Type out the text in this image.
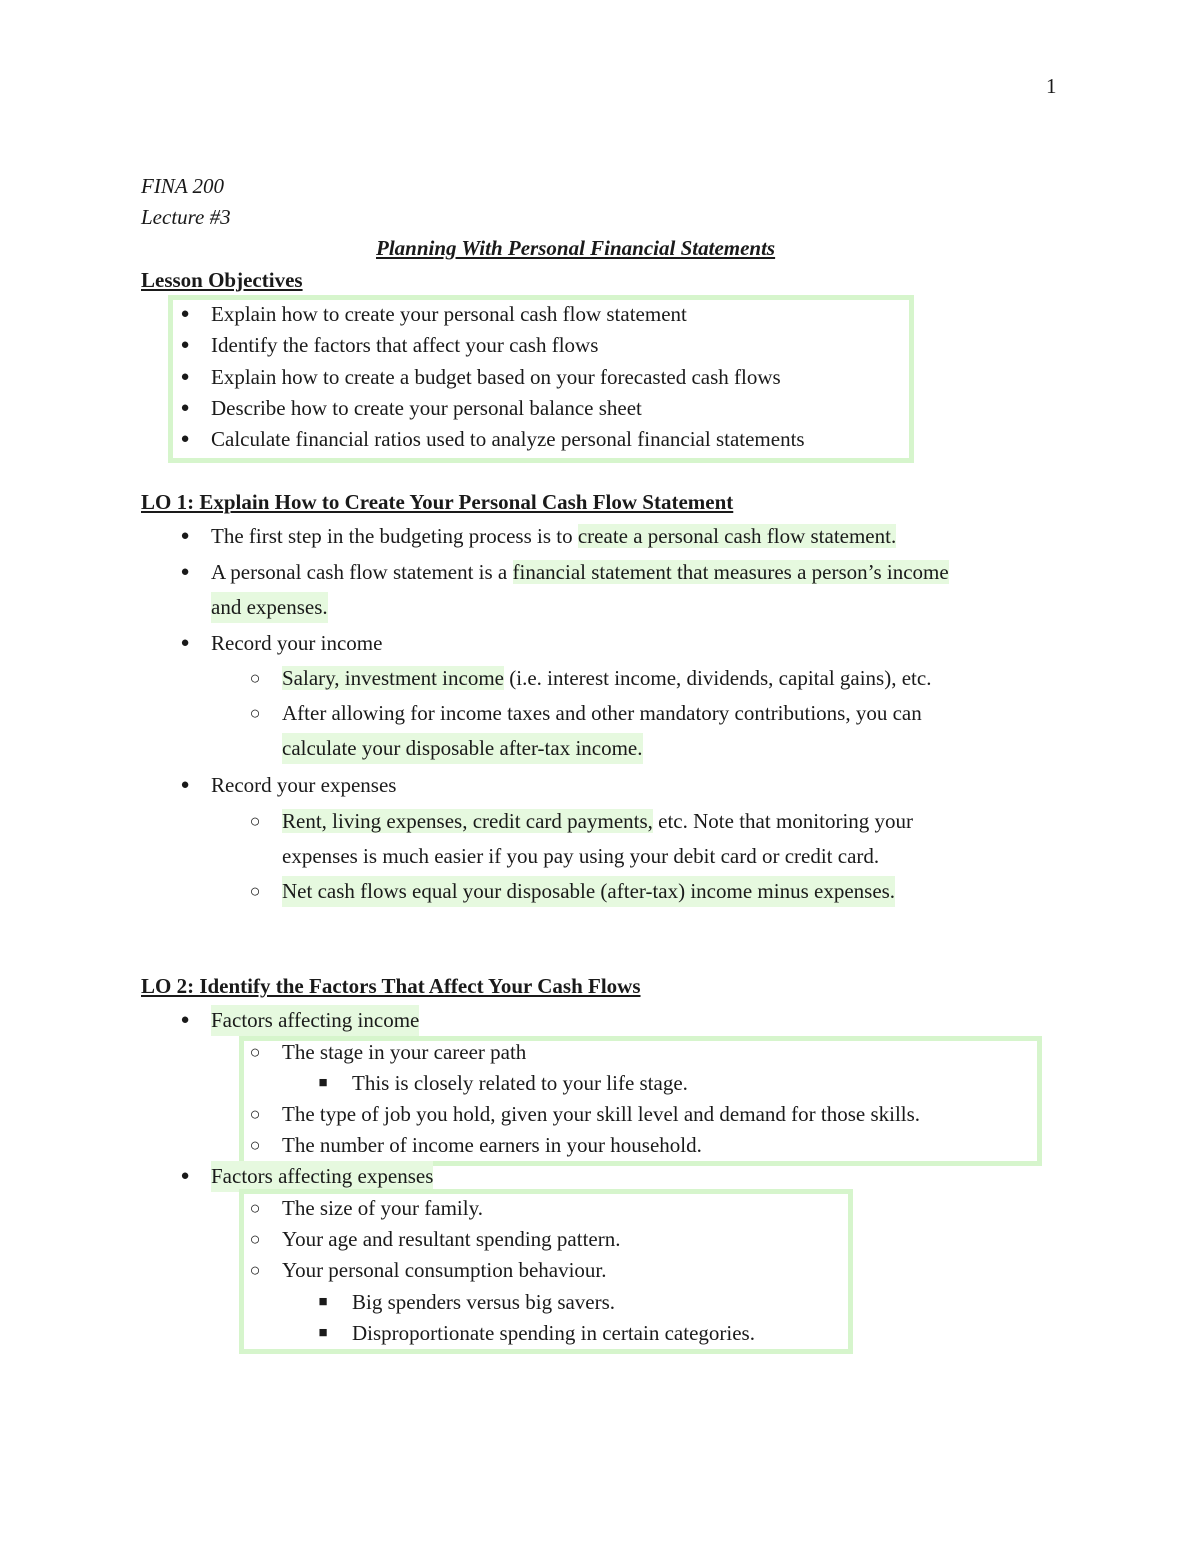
1
FINA 200
Lecture #3
Planning With Personal Financial Statements
Lesson Objectives
● Explain how to create your personal cash flow statement
● Identify the factors that affect your cash flows
● Explain how to create a budget based on your forecasted cash flows
● Describe how to create your personal balance sheet
● Calculate financial ratios used to analyze personal financial statements
LO 1: Explain How to Create Your Personal Cash Flow Statement
● The first step in the budgeting process is to create a personal cash flow statement.
● A personal cash flow statement is a financial statement that measures a person’s income
and expenses.
● Record your income
○ Salary, investment income (i.e. interest income, dividends, capital gains), etc.
○ After allowing for income taxes and other mandatory contributions, you can
calculate your disposable after-tax income.
● Record your expenses
○ Rent, living expenses, credit card payments, etc. Note that monitoring your
expenses is much easier if you pay using your debit card or credit card.
○ Net cash flows equal your disposable (after-tax) income minus expenses.
LO 2: Identify the Factors That Affect Your Cash Flows
● Factors affecting income
○ The stage in your career path
■ This is closely related to your life stage.
○ The type of job you hold, given your skill level and demand for those skills.
○ The number of income earners in your household.
● Factors affecting expenses
○ The size of your family.
○ Your age and resultant spending pattern.
○ Your personal consumption behaviour.
■ Big spenders versus big savers.
■ Disproportionate spending in certain categories.
